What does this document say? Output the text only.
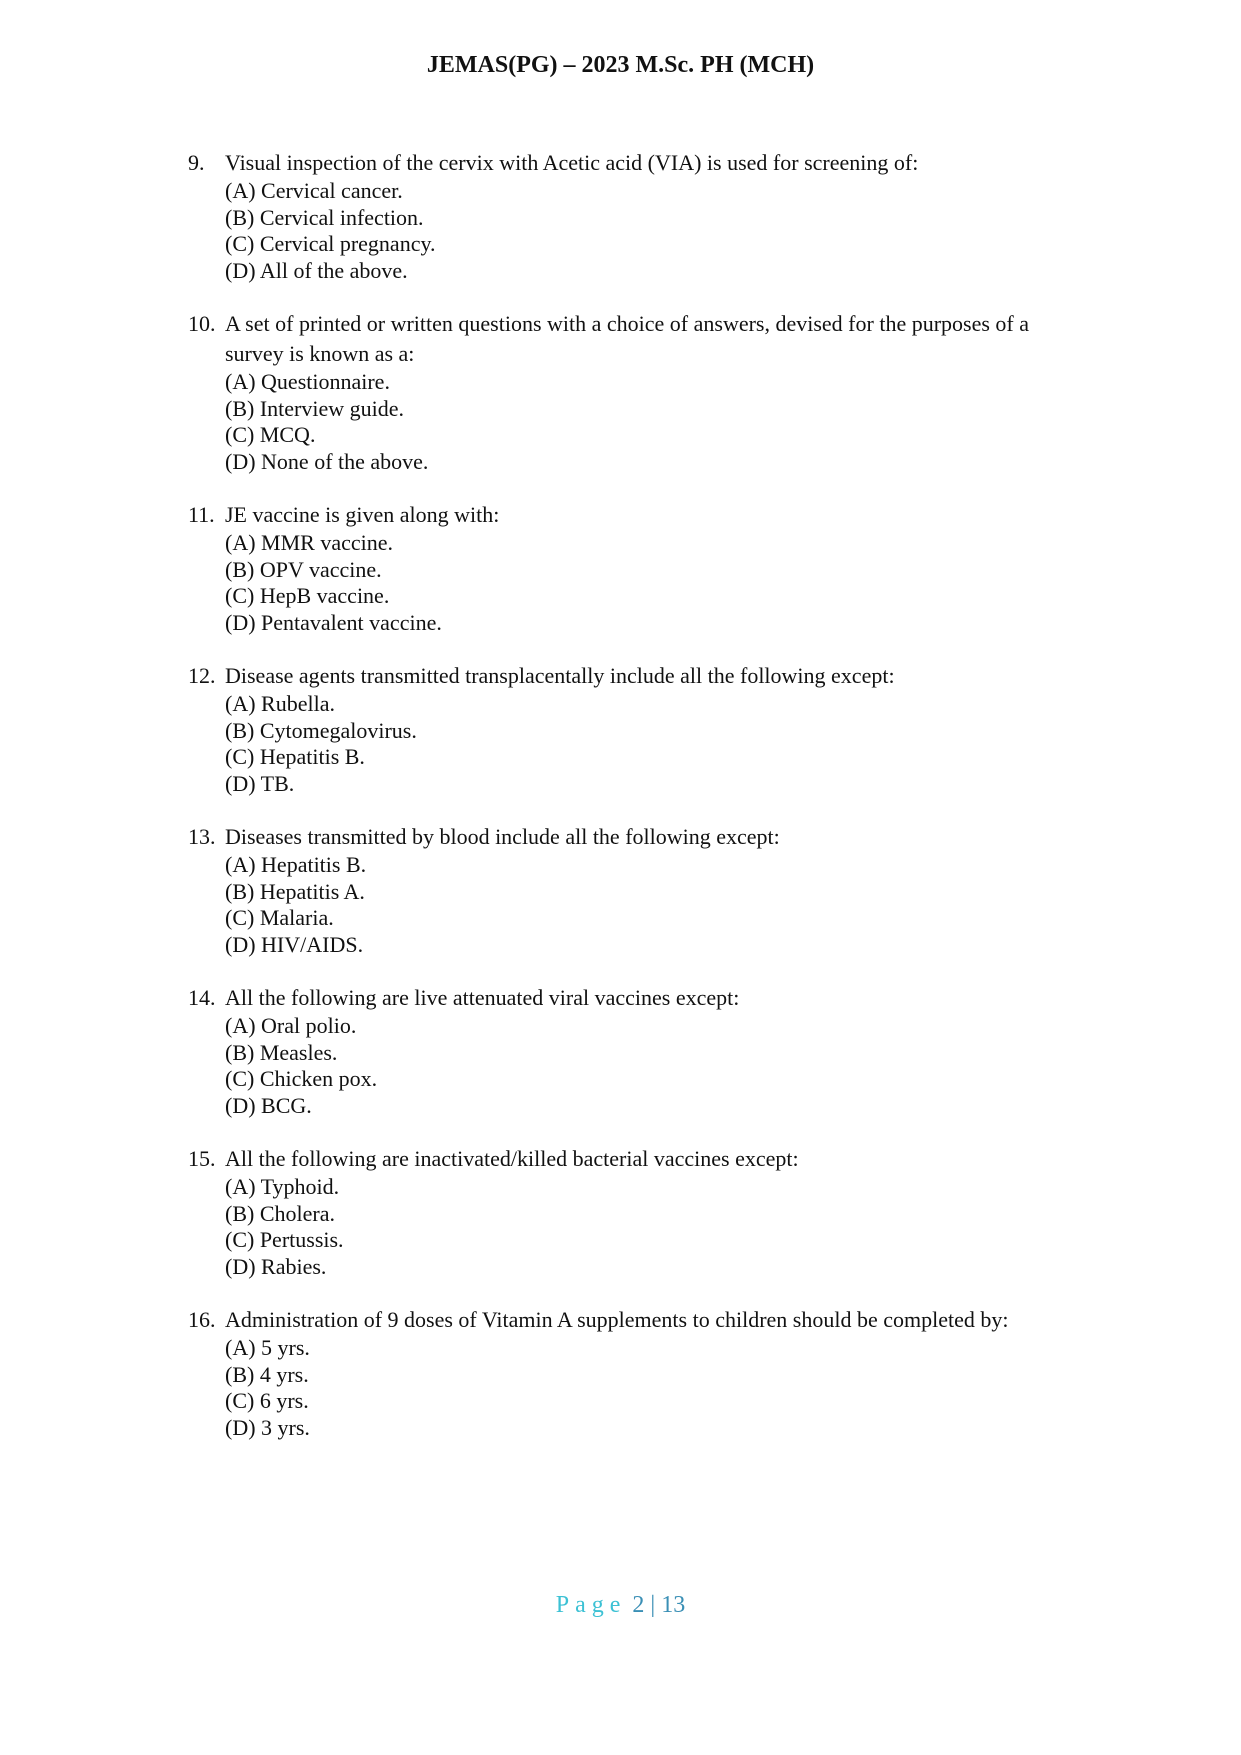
JEMAS(PG) – 2023 M.Sc. PH (MCH)
9. Visual inspection of the cervix with Acetic acid (VIA) is used for screening of:
(A) Cervical cancer.
(B) Cervical infection.
(C) Cervical pregnancy.
(D) All of the above.
10. A set of printed or written questions with a choice of answers, devised for the purposes of a survey is known as a:
(A) Questionnaire.
(B) Interview guide.
(C) MCQ.
(D) None of the above.
11. JE vaccine is given along with:
(A) MMR vaccine.
(B) OPV vaccine.
(C) HepB vaccine.
(D) Pentavalent vaccine.
12. Disease agents transmitted transplacentally include all the following except:
(A) Rubella.
(B) Cytomegalovirus.
(C) Hepatitis B.
(D) TB.
13. Diseases transmitted by blood include all the following except:
(A) Hepatitis B.
(B) Hepatitis A.
(C) Malaria.
(D) HIV/AIDS.
14. All the following are live attenuated viral vaccines except:
(A) Oral polio.
(B) Measles.
(C) Chicken pox.
(D) BCG.
15. All the following are inactivated/killed bacterial vaccines except:
(A) Typhoid.
(B) Cholera.
(C) Pertussis.
(D) Rabies.
16. Administration of 9 doses of Vitamin A supplements to children should be completed by:
(A) 5 yrs.
(B) 4 yrs.
(C) 6 yrs.
(D) 3 yrs.
Page 2 | 13
